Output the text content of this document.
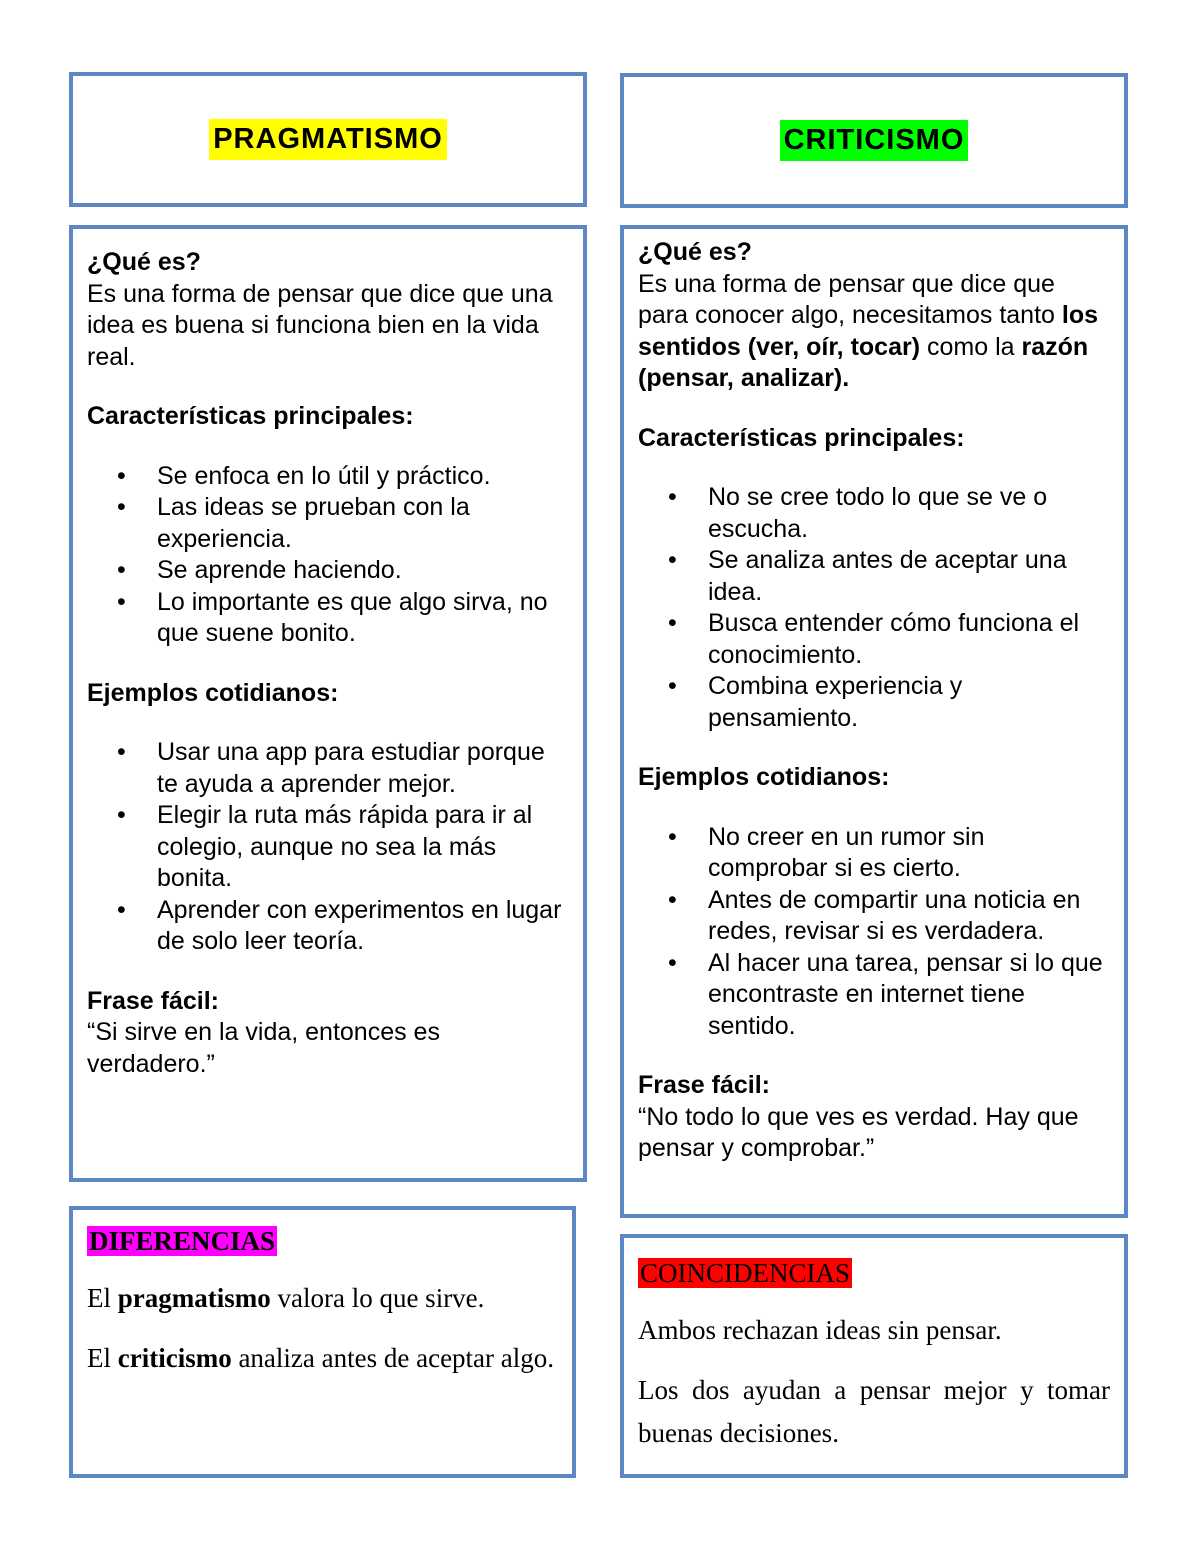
PRAGMATISMO	CRITICISMO

¿Qué es?

Es una forma de pensar que dice que una idea es buena si funciona bien en la vida real.

Características principales:

• Se enfoca en lo útil y práctico.
• Las ideas se prueban con la experiencia.
• Se aprende haciendo.
• Lo importante es que algo sirva, no que suene bonito.

Ejemplos cotidianos:

• Usar una app para estudiar porque te ayuda a aprender mejor.
• Elegir la ruta más rápida para ir al colegio, aunque no sea la más bonita.
• Aprender con experimentos en lugar de solo leer teoría.

Frase fácil:

“Si sirve en la vida, entonces es verdadero.”

¿Qué es?

Es una forma de pensar que dice que para conocer algo, necesitamos tanto los sentidos (ver, oír, tocar) como la razón (pensar, analizar).

Características principales:

• No se cree todo lo que se ve o escucha.
• Se analiza antes de aceptar una idea.
• Busca entender cómo funciona el conocimiento.
• Combina experiencia y pensamiento.

Ejemplos cotidianos:

• No creer en un rumor sin comprobar si es cierto.
• Antes de compartir una noticia en redes, revisar si es verdadera.
• Al hacer una tarea, pensar si lo que encontraste en internet tiene sentido.

Frase fácil:

“No todo lo que ves es verdad. Hay que pensar y comprobar.”

DIFERENCIAS

El pragmatismo valora lo que sirve.

El criticismo analiza antes de aceptar algo.

COINCIDENCIAS

Ambos rechazan ideas sin pensar.

Los dos ayudan a pensar mejor y tomar buenas decisiones.
